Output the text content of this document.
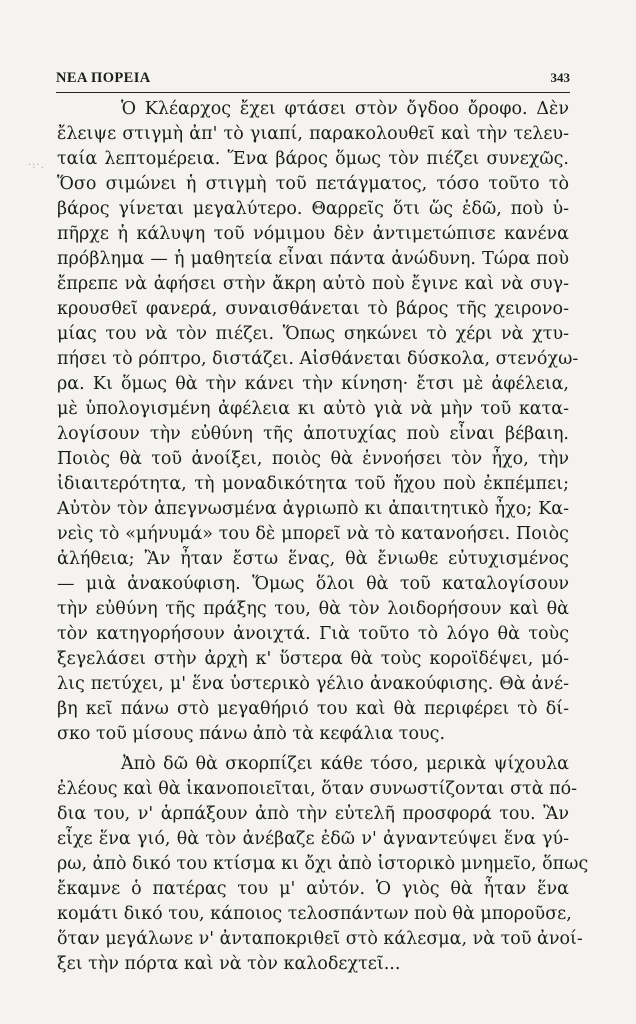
ΝΕΑ ΠΟΡΕΙΑ	343
·:·.
Ὁ Κλέαρχος ἔχει φτάσει στὸν ὄγδοο ὄροφο. Δὲν
ἔλειψε στιγμὴ ἀπ' τὸ γιαπί, παρακολουθεῖ καὶ τὴν τελευ-
ταία λεπτομέρεια. Ἕνα βάρος ὅμως τὸν πιέζει συνεχῶς.
Ὅσο σιμώνει ἡ στιγμὴ τοῦ πετάγματος, τόσο τοῦτο τὸ
βάρος γίνεται μεγαλύτερο. Θαρρεῖς ὅτι ὥς ἐδῶ, ποὺ ὑ-
πῆρχε ἡ κάλυψη τοῦ νόμιμου δὲν ἀντιμετώπισε κανένα
πρόβλημα — ἡ μαθητεία εἶναι πάντα ἀνώδυνη. Τώρα ποὺ
ἔπρεπε νὰ ἀφήσει στὴν ἄκρη αὐτὸ ποὺ ἔγινε καὶ νὰ συγ-
κρουσθεῖ φανερά, συναισθάνεται τὸ βάρος τῆς χειρονο-
μίας του νὰ τὸν πιέζει. Ὅπως σηκώνει τὸ χέρι νὰ χτυ-
πήσει τὸ ρόπτρο, διστάζει. Αἰσθάνεται δύσκολα, στενόχω-
ρα. Κι ὅμως θὰ τὴν κάνει τὴν κίνηση· ἔτσι μὲ ἀφέλεια,
μὲ ὑπολογισμένη ἀφέλεια κι αὐτὸ γιὰ νὰ μὴν τοῦ κατα-
λογίσουν τὴν εὐθύνη τῆς ἀποτυχίας ποὺ εἶναι βέβαιη.
Ποιὸς θὰ τοῦ ἀνοίξει, ποιὸς θὰ ἐννοήσει τὸν ἦχο, τὴν
ἰδιαιτερότητα, τὴ μοναδικότητα τοῦ ἤχου ποὺ ἐκπέμπει;
Αὐτὸν τὸν ἀπεγνωσμένα ἀγριωπὸ κι ἀπαιτητικὸ ἦχο; Κα-
νεὶς τὸ «μήνυμά» του δὲ μπορεῖ νὰ τὸ κατανοήσει. Ποιὸς
ἀλήθεια; Ἂν ἦταν ἔστω ἕνας, θὰ ἔνιωθε εὐτυχισμένος
— μιὰ ἀνακούφιση. Ὅμως ὅλοι θὰ τοῦ καταλογίσουν
τὴν εὐθύνη τῆς πράξης του, θὰ τὸν λοιδορήσουν καὶ θὰ
τὸν κατηγορήσουν ἀνοιχτά. Γιὰ τοῦτο τὸ λόγο θὰ τοὺς
ξεγελάσει στὴν ἀρχὴ κ' ὕστερα θὰ τοὺς κοροϊδέψει, μό-
λις πετύχει, μ' ἕνα ὑστερικὸ γέλιο ἀνακούφισης. Θὰ ἀνέ-
βη κεῖ πάνω στὸ μεγαθήριό του καὶ θὰ περιφέρει τὸ δί-
σκο τοῦ μίσους πάνω ἀπὸ τὰ κεφάλια τους.
Ἀπὸ δῶ θὰ σκορπίζει κάθε τόσο, μερικὰ ψίχουλα
ἐλέους καὶ θὰ ἱκανοποιεῖται, ὅταν συνωστίζονται στὰ πό-
δια του, ν' ἁρπάξουν ἀπὸ τὴν εὐτελῆ προσφορά του. Ἂν
εἶχε ἕνα γιό, θὰ τὸν ἀνέβαζε ἐδῶ ν' ἀγναντεύψει ἕνα γύ-
ρω, ἀπὸ δικό του κτίσμα κι ὄχι ἀπὸ ἱστορικὸ μνημεῖο, ὅπως
ἔκαμνε ὁ πατέρας του μ' αὐτόν. Ὁ γιὸς θὰ ἦταν ἕνα
κομάτι δικό του, κάποιος τελοσπάντων ποὺ θὰ μποροῦσε,
ὅταν μεγάλωνε ν' ἀνταποκριθεῖ στὸ κάλεσμα, νὰ τοῦ ἀνοί-
ξει τὴν πόρτα καὶ νὰ τὸν καλοδεχτεῖ...
